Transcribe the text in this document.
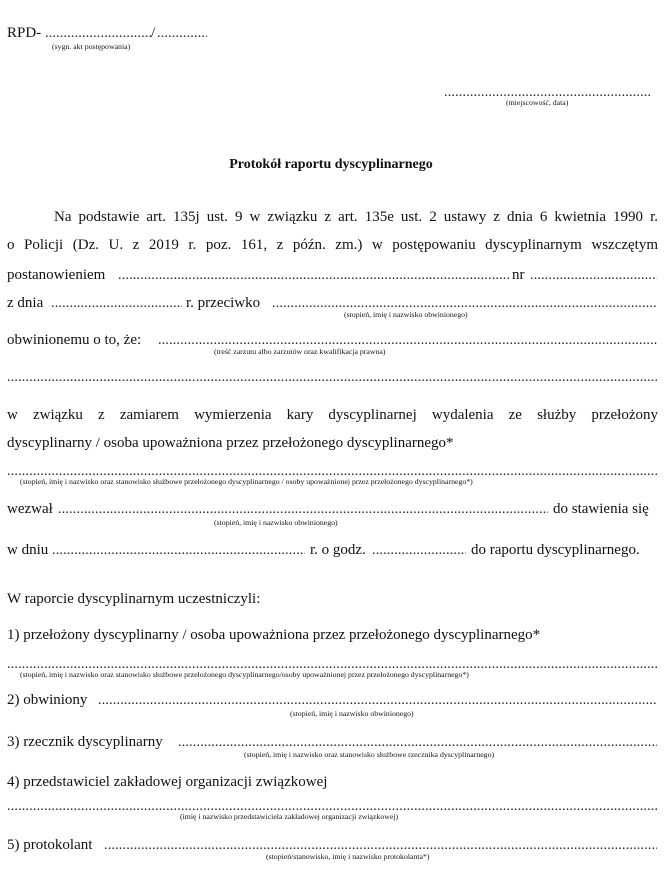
RPD- .....	/
.....
(sygn. akt postępowania)
.....
(miejscowość, data)
Protokół raportu dyscyplinarnego
Na podstawie art. 135j ust. 9 w związku z art. 135e ust. 2 ustawy z dnia 6 kwietnia 1990 r.
o Policji (Dz. U. z 2019 r. poz. 161, z późn. zm.) w postępowaniu dyscyplinarnym wszczętym
postanowieniem .....	nr
.....
z dnia .....	r. przeciwko
.....
(stopień, imię i nazwisko obwinionego)
obwinionemu o to, że:
.....
(treść zarzutu albo zarzutów oraz kwalifikacja prawna)
.....
w związku z zamiarem wymierzenia kary dyscyplinarnej wydalenia ze służby przełożony
dyscyplinarny / osoba upoważniona przez przełożonego dyscyplinarnego*
.....
(stopień, imię i nazwisko oraz stanowisko służbowe przełożonego dyscyplinarnego / osoby upoważnionej przez przełożonego dyscyplinarnego*)
wezwał .....	do stawienia się
(stopień, imię i nazwisko obwinionego)
w dniu .....	r. o godz. .....	do raportu dyscyplinarnego.
W raporcie dyscyplinarnym uczestniczyli:
1) przełożony dyscyplinarny / osoba upoważniona przez przełożonego dyscyplinarnego*
.....
(stopień, imię i nazwisko oraz stanowisko służbowe przełożonego dyscyplinarnego/osoby upoważnionej przez przełożonego dyscyplinarnego*)
2) obwiniony
.....
(stopień, imię i nazwisko obwinionego)
3) rzecznik dyscyplinarny
.....
(stopień, imię i nazwisko oraz stanowisko służbowe rzecznika dyscyplinarnego)
4) przedstawiciel zakładowej organizacji związkowej
.....
(imię i nazwisko przedstawiciela zakładowej organizacji związkowej)
5) protokolant
.....
(stopień/stanowisko, imię i nazwisko protokolanta*)
